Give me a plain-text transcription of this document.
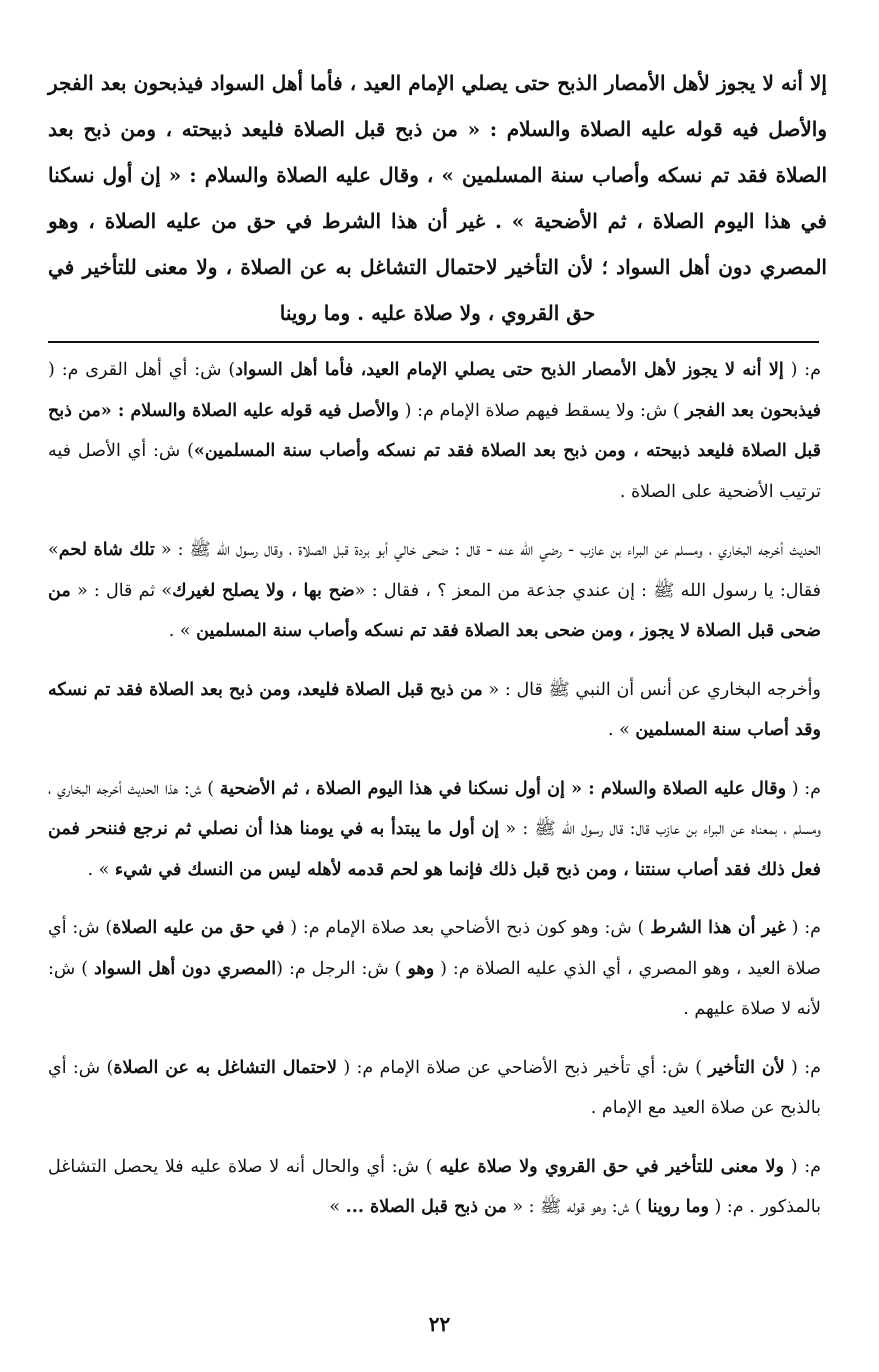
إلا أنه لا يجوز لأهل الأمصار الذبح حتى يصلي الإمام العيد ، فأما أهل السواد فيذبحون بعد الفجر والأصل فيه قوله عليه الصلاة والسلام : « من ذبح قبل الصلاة فليعد ذبيحته ، ومن ذبح بعد الصلاة فقد تم نسكه وأصاب سنة المسلمين » ، وقال عليه الصلاة والسلام : « إن أول نسكنا في هذا اليوم الصلاة ، ثم الأضحية » . غير أن هذا الشرط في حق من عليه الصلاة ، وهو المصري دون أهل السواد ؛ لأن التأخير لاحتمال التشاغل به عن الصلاة ، ولا معنى للتأخير في حق القروي ، ولا صلاة عليه . وما روينا

م: ( إلا أنه لا يجوز لأهل الأمصار الذبح حتى يصلي الإمام العيد، فأما أهل السواد) ش: أي أهل القرى م: ( فيذبحون بعد الفجر ) ش: ولا يسقط فيهم صلاة الإمام م: ( والأصل فيه قوله عليه الصلاة والسلام : «من ذبح قبل الصلاة فليعد ذبيحته ، ومن ذبح بعد الصلاة فقد تم نسكه وأصاب سنة المسلمين») ش: أي الأصل فيه ترتيب الأضحية على الصلاة .

الحديث أخرجه البخاري ، ومسلم عن البراء بن عازب - رضي الله عنه - قال : ضحى خالي أبو بردة قبل الصلاة ، وقال رسول الله ﷺ : « تلك شاة لحم» فقال: يا رسول الله ﷺ : إن عندي جذعة من المعز ؟ ، فقال : «ضح بها ، ولا يصلح لغيرك» ثم قال : « من ضحى قبل الصلاة لا يجوز ، ومن ضحى بعد الصلاة فقد تم نسكه وأصاب سنة المسلمين » .

وأخرجه البخاري عن أنس أن النبي ﷺ قال : « من ذبح قبل الصلاة فليعد، ومن ذبح بعد الصلاة فقد تم نسكه وقد أصاب سنة المسلمين » .

م: ( وقال عليه الصلاة والسلام : « إن أول نسكنا في هذا اليوم الصلاة ، ثم الأضحية ) ش: هذا الحديث أخرجه البخاري ، ومسلم ، بمعناه عن البراء بن عازب قال: قال رسول الله ﷺ : « إن أول ما يبتدأ به في يومنا هذا أن نصلي ثم نرجع فننحر فمن فعل ذلك فقد أصاب سنتنا ، ومن ذبح قبل ذلك فإنما هو لحم قدمه لأهله ليس من النسك في شيء » .

م: ( غير أن هذا الشرط ) ش: وهو كون ذبح الأضاحي بعد صلاة الإمام م: ( في حق من عليه الصلاة) ش: أي صلاة العيد ، وهو المصري ، أي الذي عليه الصلاة م: ( وهو ) ش: الرجل م: (المصري دون أهل السواد ) ش: لأنه لا صلاة عليهم .

م: ( لأن التأخير ) ش: أي تأخير ذبح الأضاحي عن صلاة الإمام م: ( لاحتمال التشاغل به عن الصلاة) ش: أي بالذبح عن صلاة العيد مع الإمام .

م: ( ولا معنى للتأخير في حق القروي ولا صلاة عليه ) ش: أي والحال أنه لا صلاة عليه فلا يحصل التشاغل بالمذكور . م: ( وما روينا ) ش: وهو قوله ﷺ : « من ذبح قبل الصلاة ... »

٢٢
